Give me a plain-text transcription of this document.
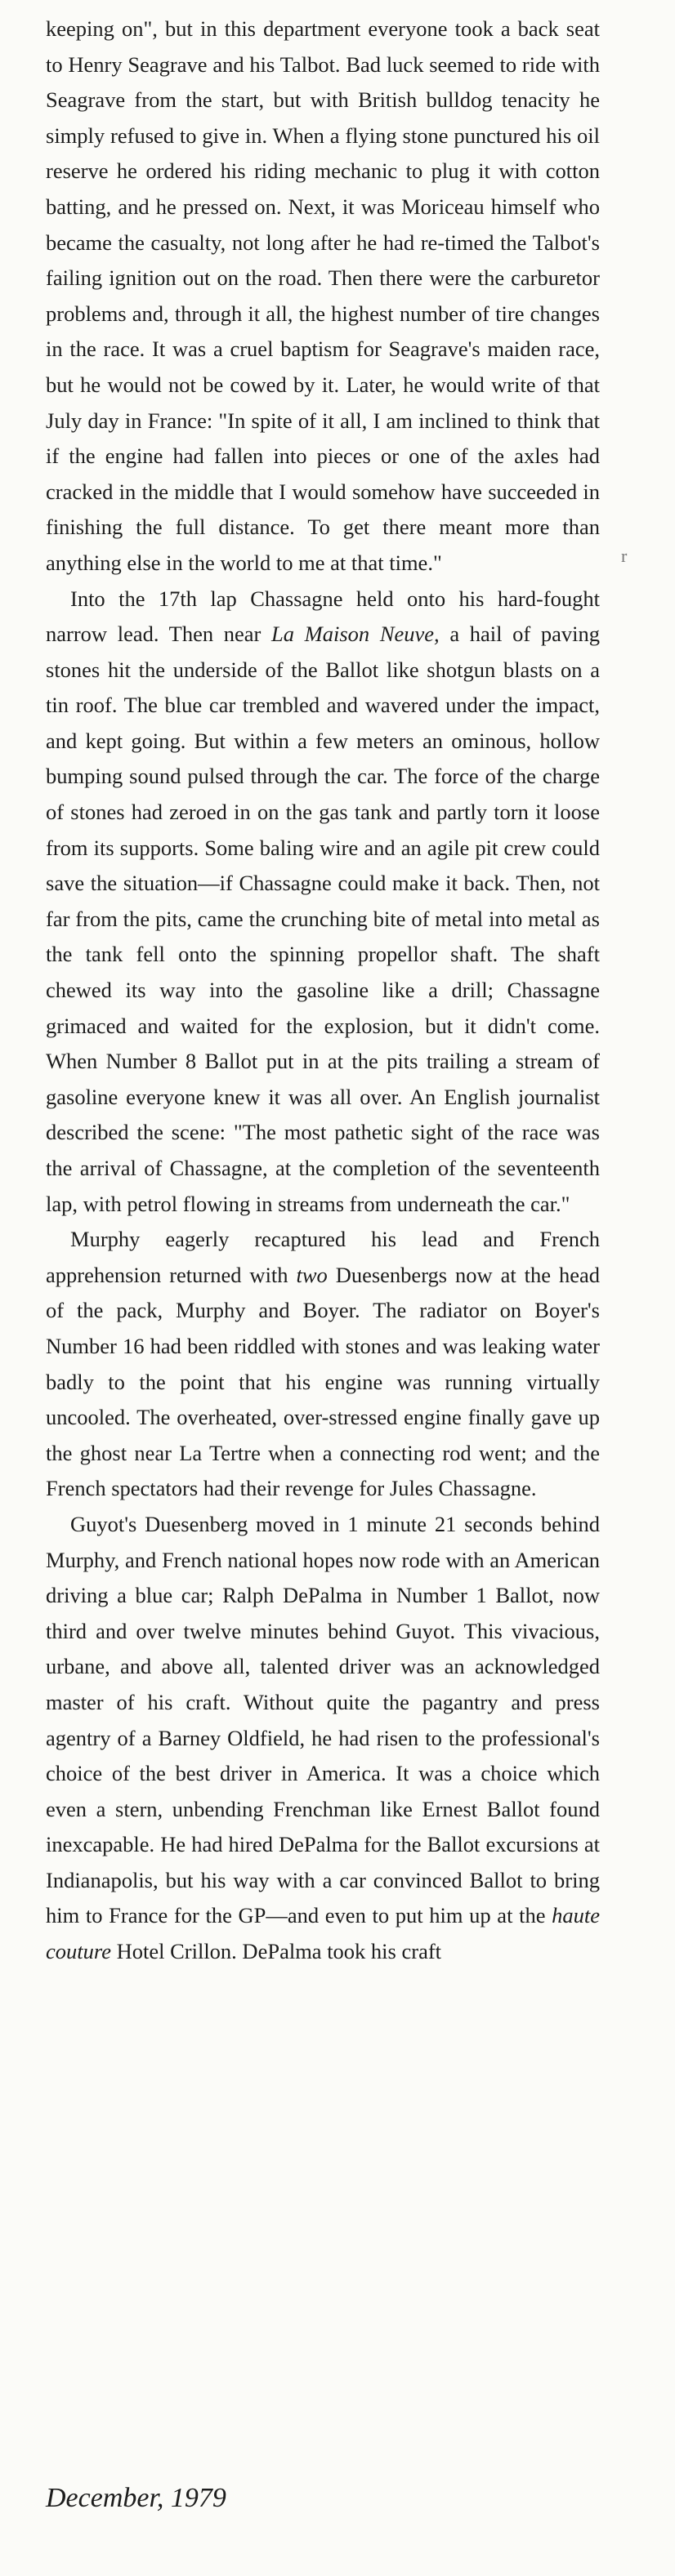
keeping on", but in this department everyone took a back seat to Henry Seagrave and his Talbot. Bad luck seemed to ride with Seagrave from the start, but with British bulldog tenacity he simply refused to give in. When a flying stone punctured his oil reserve he ordered his riding mechanic to plug it with cotton batting, and he pressed on. Next, it was Moriceau himself who became the casualty, not long after he had re-timed the Talbot's failing ignition out on the road. Then there were the carburetor problems and, through it all, the highest number of tire changes in the race. It was a cruel baptism for Seagrave's maiden race, but he would not be cowed by it. Later, he would write of that July day in France: "In spite of it all, I am inclined to think that if the engine had fallen into pieces or one of the axles had cracked in the middle that I would somehow have succeeded in finishing the full distance. To get there meant more than anything else in the world to me at that time."

Into the 17th lap Chassagne held onto his hard-fought narrow lead. Then near La Maison Neuve, a hail of paving stones hit the underside of the Ballot like shotgun blasts on a tin roof. The blue car trembled and wavered under the impact, and kept going. But within a few meters an ominous, hollow bumping sound pulsed through the car. The force of the charge of stones had zeroed in on the gas tank and partly torn it loose from its supports. Some baling wire and an agile pit crew could save the situation—if Chassagne could make it back. Then, not far from the pits, came the crunching bite of metal into metal as the tank fell onto the spinning propellor shaft. The shaft chewed its way into the gasoline like a drill; Chassagne grimaced and waited for the explosion, but it didn't come. When Number 8 Ballot put in at the pits trailing a stream of gasoline everyone knew it was all over. An English journalist described the scene: "The most pathetic sight of the race was the arrival of Chassagne, at the completion of the seventeenth lap, with petrol flowing in streams from underneath the car."

Murphy eagerly recaptured his lead and French apprehension returned with two Duesenbergs now at the head of the pack, Murphy and Boyer. The radiator on Boyer's Number 16 had been riddled with stones and was leaking water badly to the point that his engine was running virtually uncooled. The overheated, over-stressed engine finally gave up the ghost near La Tertre when a connecting rod went; and the French spectators had their revenge for Jules Chassagne.

Guyot's Duesenberg moved in 1 minute 21 seconds behind Murphy, and French national hopes now rode with an American driving a blue car; Ralph DePalma in Number 1 Ballot, now third and over twelve minutes behind Guyot. This vivacious, urbane, and above all, talented driver was an acknowledged master of his craft. Without quite the pagantry and press agentry of a Barney Oldfield, he had risen to the professional's choice of the best driver in America. It was a choice which even a stern, unbending Frenchman like Ernest Ballot found inexcapable. He had hired DePalma for the Ballot excursions at Indianapolis, but his way with a car convinced Ballot to bring him to France for the GP—and even to put him up at the haute couture Hotel Crillon. DePalma took his craft

r
December, 1979
